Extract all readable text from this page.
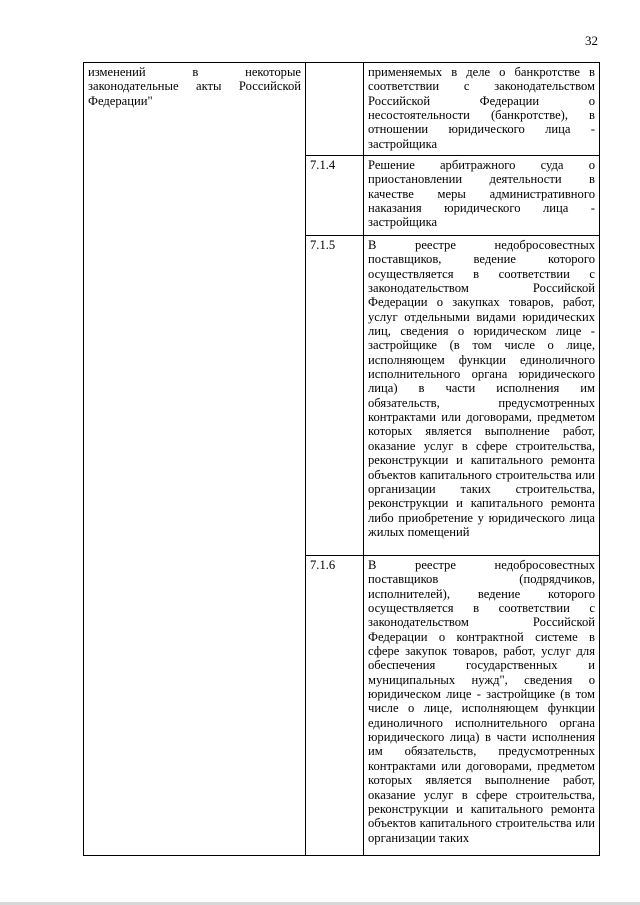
32
изменений в некоторые законодательные акты Российской Федерации"		применяемых в деле о банкротстве в соответствии с законодательством Российской Федерации о несостоятельности (банкротстве), в отношении юридического лица - застройщика
	7.1.4	Решение арбитражного суда о приостановлении деятельности в качестве меры административного наказания юридического лица - застройщика
	7.1.5	В реестре недобросовестных поставщиков, ведение которого осуществляется в соответствии с законодательством Российской Федерации о закупках товаров, работ, услуг отдельными видами юридических лиц, сведения о юридическом лице - застройщике (в том числе о лице, исполняющем функции единоличного исполнительного органа юридического лица) в части исполнения им обязательств, предусмотренных контрактами или договорами, предметом которых является выполнение работ, оказание услуг в сфере строительства, реконструкции и капитального ремонта объектов капитального строительства или организации таких строительства, реконструкции и капитального ремонта либо приобретение у юридического лица жилых помещений
	7.1.6	В реестре недобросовестных поставщиков (подрядчиков, исполнителей), ведение которого осуществляется в соответствии с законодательством Российской Федерации о контрактной системе в сфере закупок товаров, работ, услуг для обеспечения государственных и муниципальных нужд", сведения о юридическом лице - застройщике (в том числе о лице, исполняющем функции единоличного исполнительного органа юридического лица) в части исполнения им обязательств, предусмотренных контрактами или договорами, предметом которых является выполнение работ, оказание услуг в сфере строительства, реконструкции и капитального ремонта объектов капитального строительства или организации таких
